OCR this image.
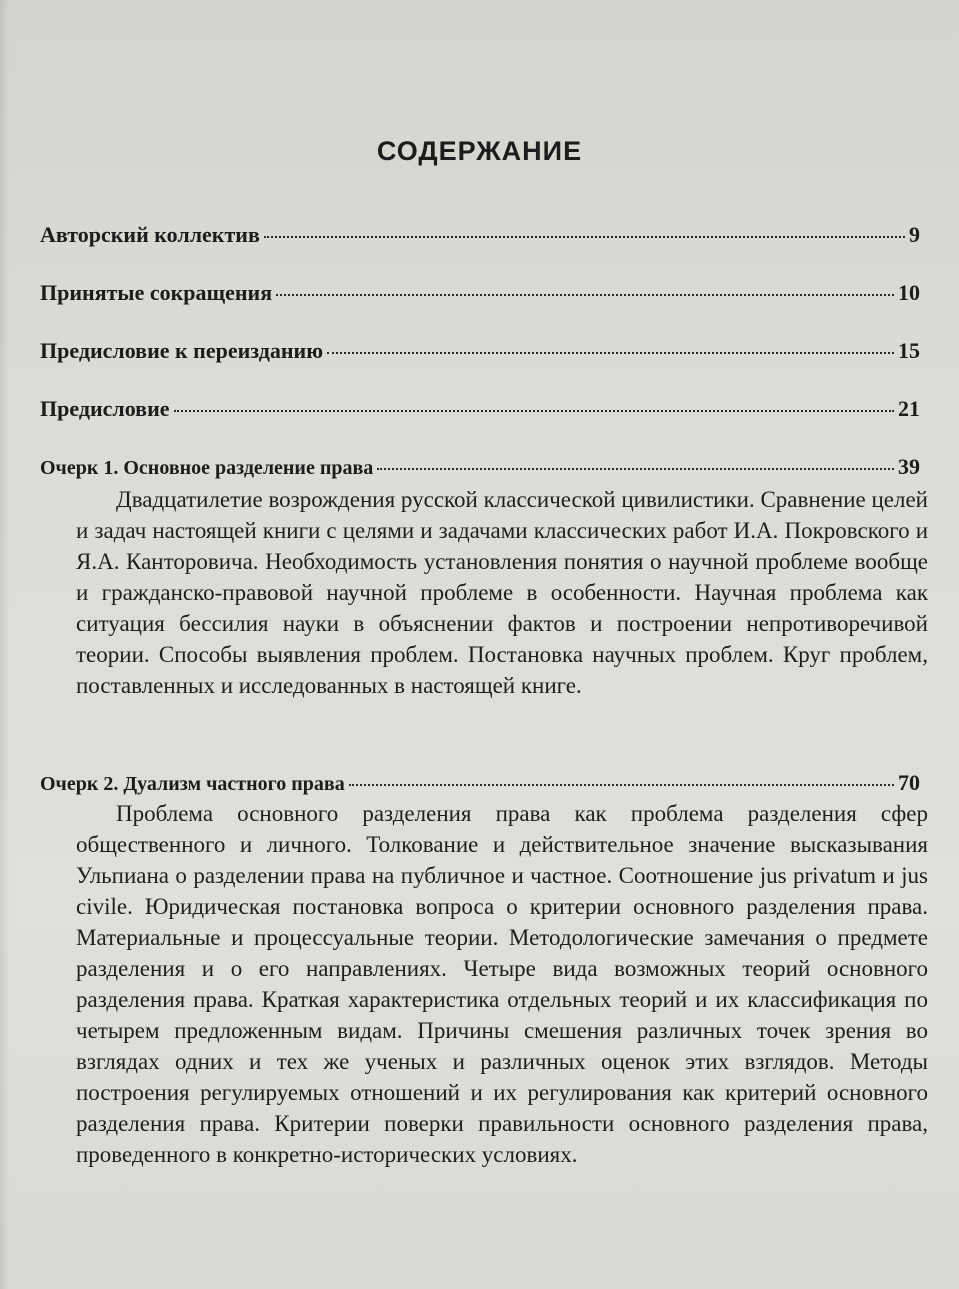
СОДЕРЖАНИЕ
Авторский коллектив	9
Принятые сокращения	10
Предисловие к переизданию	15
Предисловие	21
Очерк 1. Основное разделение права	39

Двадцатилетие возрождения русской классической цивилистики. Сравнение целей и задач настоящей книги с целями и задачами классических работ И.А. Покровского и Я.А. Канторовича. Необходимость установления понятия о научной проблеме вообще и гражданско-правовой научной проблеме в особенности. Научная проблема как ситуация бессилия науки в объяснении фактов и построении непротиворечивой теории. Способы выявления проблем. Постановка научных проблем. Круг проблем, поставленных и исследованных в настоящей книге.

Очерк 2. Дуализм частного права	70

Проблема основного разделения права как проблема разделения сфер общественного и личного. Толкование и действительное значение высказывания Ульпиана о разделении права на публичное и частное. Соотношение jus privatum и jus civile. Юридическая постановка вопроса о критерии основного разделения права. Материальные и процессуальные теории. Методологические замечания о предмете разделения и о его направлениях. Четыре вида возможных теорий основного разделения права. Краткая характеристика отдельных теорий и их классификация по четырем предложенным видам. Причины смешения различных точек зрения во взглядах одних и тех же ученых и различных оценок этих взглядов. Методы построения регулируемых отношений и их регулирования как критерий основного разделения права. Критерии поверки правильности основного разделения права, проведенного в конкретно-исторических условиях.
